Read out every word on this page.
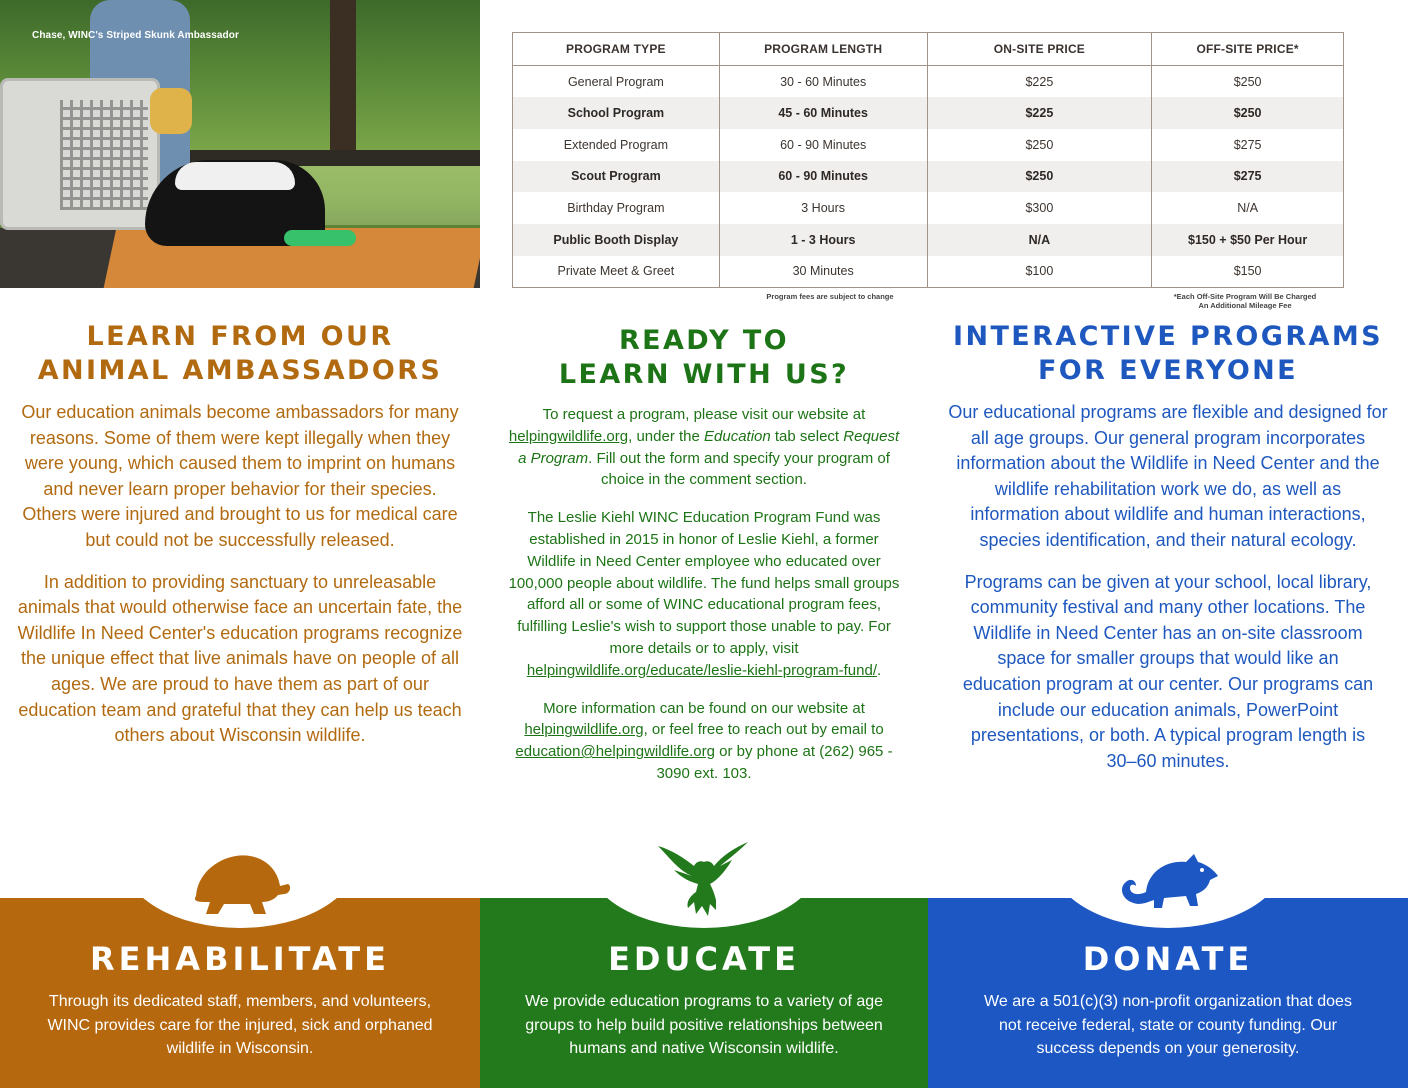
Chase, WINC's Striped Skunk Ambassador
PROGRAM TYPE	PROGRAM LENGTH	ON-SITE PRICE	OFF-SITE PRICE*
General Program	30 - 60 Minutes	$225	$250
School Program	45 - 60 Minutes	$225	$250
Extended Program	60 - 90 Minutes	$250	$275
Scout Program	60 - 90 Minutes	$250	$275
Birthday Program	3 Hours	$300	N/A
Public Booth Display	1 - 3 Hours	N/A	$150 + $50 Per Hour
Private Meet & Greet	30 Minutes	$100	$150
Program fees are subject to change	*Each Off-Site Program Will Be Charged
An Additional Mileage Fee
LEARN FROM OUR
ANIMAL AMBASSADORS

Our education animals become ambassadors for many reasons. Some of them were kept illegally when they were young, which caused them to imprint on humans and never learn proper behavior for their species. Others were injured and brought to us for medical care but could not be successfully released.

In addition to providing sanctuary to unreleasable animals that would otherwise face an uncertain fate, the Wildlife In Need Center's education programs recognize the unique effect that live animals have on people of all ages. We are proud to have them as part of our education team and grateful that they can help us teach others about Wisconsin wildlife.

READY TO
LEARN WITH US?

To request a program, please visit our website at helpingwildlife.org, under the Education tab select Request a Program. Fill out the form and specify your program of choice in the comment section.

The Leslie Kiehl WINC Education Program Fund was established in 2015 in honor of Leslie Kiehl, a former Wildlife in Need Center employee who educated over 100,000 people about wildlife. The fund helps small groups afford all or some of WINC educational program fees, fulfilling Leslie's wish to support those unable to pay. For more details or to apply, visit helpingwildlife.org/educate/leslie-kiehl-program-fund/.

More information can be found on our website at helpingwildlife.org, or feel free to reach out by email to education@helpingwildlife.org or by phone at (262) 965 - 3090 ext. 103.

INTERACTIVE PROGRAMS
FOR EVERYONE

Our educational programs are flexible and designed for all age groups. Our general program incorporates information about the Wildlife in Need Center and the wildlife rehabilitation work we do, as well as information about wildlife and human interactions, species identification, and their natural ecology.

Programs can be given at your school, local library, community festival and many other locations. The Wildlife in Need Center has an on-site classroom space for smaller groups that would like an education program at our center. Our programs can include our education animals, PowerPoint presentations, or both. A typical program length is 30–60 minutes.

REHABILITATE

Through its dedicated staff, members, and volunteers, WINC provides care for the injured, sick and orphaned wildlife in Wisconsin.

EDUCATE

We provide education programs to a variety of age groups to help build positive relationships between humans and native Wisconsin wildlife.

DONATE

We are a 501(c)(3) non-profit organization that does not receive federal, state or county funding. Our success depends on your generosity.
